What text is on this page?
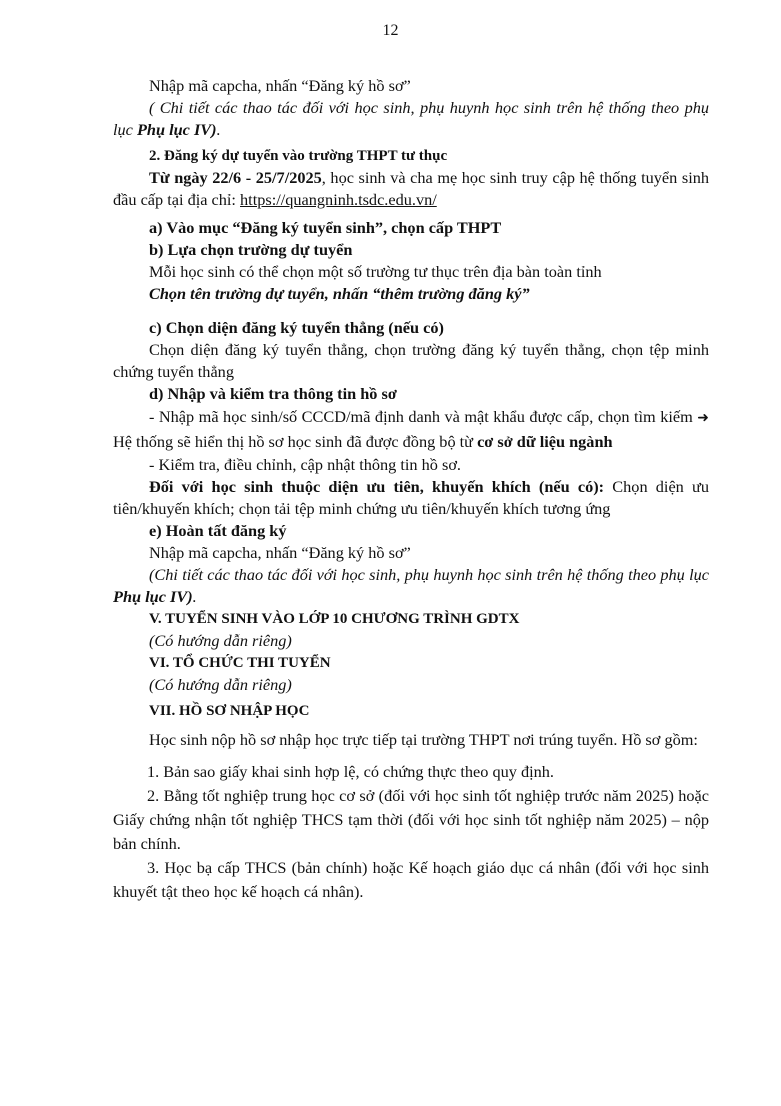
12

Nhập mã capcha, nhấn “Đăng ký hồ sơ”

( Chi tiết các thao tác đối với học sinh, phụ huynh học sinh trên hệ thống theo phụ lục Phụ lục IV).

2. Đăng ký dự tuyển vào trường THPT tư thục

Từ ngày 22/6 - 25/7/2025, học sinh và cha mẹ học sinh truy cập hệ thống tuyển sinh đầu cấp tại địa chỉ: https://quangninh.tsdc.edu.vn/

a) Vào mục “Đăng ký tuyển sinh”, chọn cấp THPT

b) Lựa chọn trường dự tuyển

Mỗi học sinh có thể chọn một số trường tư thục trên địa bàn toàn tỉnh

Chọn tên trường dự tuyển, nhấn “thêm trường đăng ký”

c) Chọn diện đăng ký tuyển thẳng (nếu có)

Chọn diện đăng ký tuyển thẳng, chọn trường đăng ký tuyển thẳng, chọn tệp minh chứng tuyển thẳng

d) Nhập và kiểm tra thông tin hồ sơ

- Nhập mã học sinh/số CCCD/mã định danh và mật khẩu được cấp, chọn tìm kiếm ➜ Hệ thống sẽ hiển thị hồ sơ học sinh đã được đồng bộ từ cơ sở dữ liệu ngành

- Kiểm tra, điều chỉnh, cập nhật thông tin hồ sơ.

Đối với học sinh thuộc diện ưu tiên, khuyến khích (nếu có): Chọn diện ưu tiên/khuyến khích; chọn tải tệp minh chứng ưu tiên/khuyến khích tương ứng

e) Hoàn tất đăng ký

Nhập mã capcha, nhấn “Đăng ký hồ sơ”

(Chi tiết các thao tác đối với học sinh, phụ huynh học sinh trên hệ thống theo phụ lục Phụ lục IV).

V. TUYỂN SINH VÀO LỚP 10 CHƯƠNG TRÌNH GDTX

(Có hướng dẫn riêng)

VI. TỔ CHỨC THI TUYỂN

(Có hướng dẫn riêng)

VII. HỒ SƠ NHẬP HỌC

Học sinh nộp hồ sơ nhập học trực tiếp tại trường THPT nơi trúng tuyển. Hồ sơ gồm:

1. Bản sao giấy khai sinh hợp lệ, có chứng thực theo quy định.

2. Bằng tốt nghiệp trung học cơ sở (đối với học sinh tốt nghiệp trước năm 2025) hoặc Giấy chứng nhận tốt nghiệp THCS tạm thời (đối với học sinh tốt nghiệp năm 2025) – nộp bản chính.

3. Học bạ cấp THCS (bản chính) hoặc Kế hoạch giáo dục cá nhân (đối với học sinh khuyết tật theo học kế hoạch cá nhân).
